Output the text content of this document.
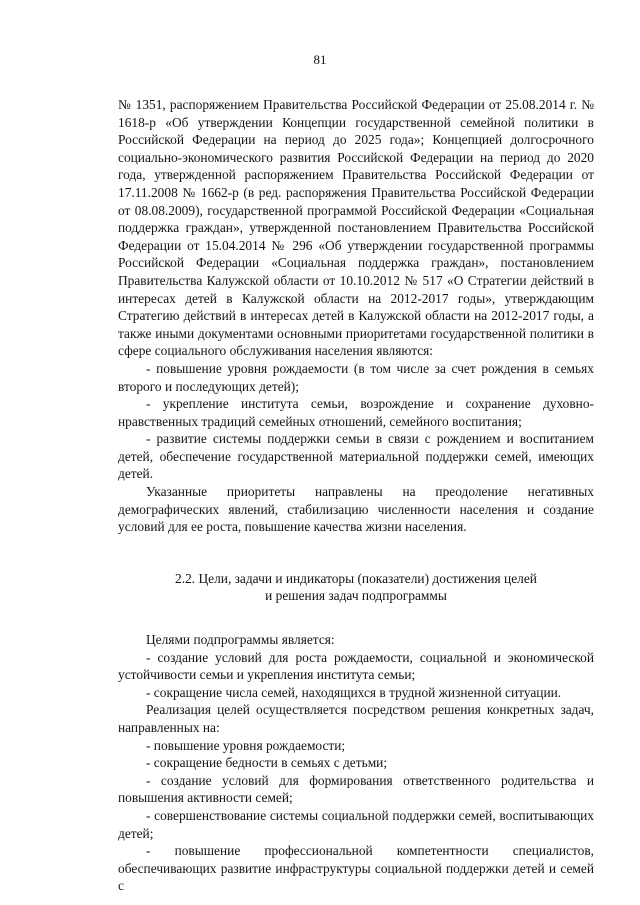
81

№ 1351, распоряжением Правительства Российской Федерации от 25.08.2014 г. № 1618-р «Об утверждении Концепции государственной семейной политики в Российской Федерации на период до 2025 года»; Концепцией долгосрочного социально-экономического развития Российской Федерации на период до 2020 года, утвержденной распоряжением Правительства Российской Федерации от 17.11.2008 № 1662-р (в ред. распоряжения Правительства Российской Федерации от 08.08.2009), государственной программой Российской Федерации «Социальная поддержка граждан», утвержденной постановлением Правительства Российской Федерации от 15.04.2014 № 296 «Об утверждении государственной программы Российской Федерации «Социальная поддержка граждан», постановлением Правительства Калужской области от 10.10.2012 № 517 «О Стратегии действий в интересах детей в Калужской области на 2012-2017 годы», утверждающим Стратегию действий в интересах детей в Калужской области на 2012-2017 годы, а также иными документами основными приоритетами государственной политики в сфере социального обслуживания населения являются:

- повышение уровня рождаемости (в том числе за счет рождения в семьях второго и последующих детей);
- укрепление института семьи, возрождение и сохранение духовно-нравственных традиций семейных отношений, семейного воспитания;
- развитие системы поддержки семьи в связи с рождением и воспитанием детей, обеспечение государственной материальной поддержки семей, имеющих детей.

Указанные приоритеты направлены на преодоление негативных демографических явлений, стабилизацию численности населения и создание условий для ее роста, повышение качества жизни населения.

2.2. Цели, задачи и индикаторы (показатели) достижения целей
и решения задач подпрограммы

Целями подпрограммы является:

- создание условий для роста рождаемости, социальной и экономической устойчивости семьи и укрепления института семьи;
- сокращение числа семей, находящихся в трудной жизненной ситуации.

Реализация целей осуществляется посредством решения конкретных задач, направленных на:

- повышение уровня рождаемости;
- сокращение бедности в семьях с детьми;
- создание условий для формирования ответственного родительства и повышения активности семей;
- совершенствование системы социальной поддержки семей, воспитывающих детей;
- повышение профессиональной компетентности специалистов, обеспечивающих развитие инфраструктуры социальной поддержки детей и семей с
